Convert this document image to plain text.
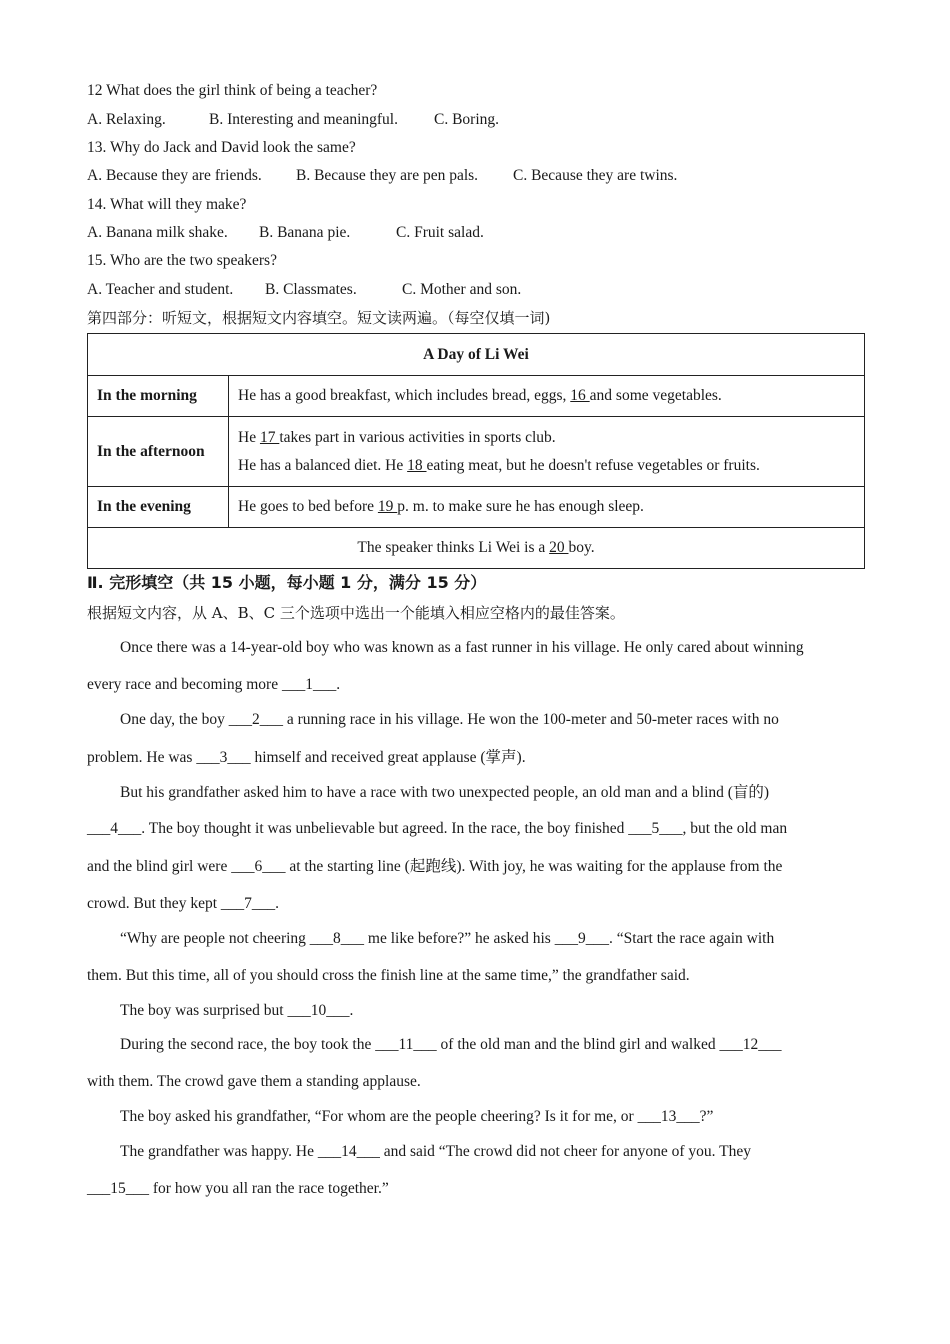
12 What does the girl think of being a teacher?
A. Relaxing.	B. Interesting and meaningful. C. Boring.
13. Why do Jack and David look the same?
A. Because they are friends. B. Because they are pen pals. C. Because they are twins.
14. What will they make?
A. Banana milk shake. B. Banana pie.	C. Fruit salad.
15. Who are the two speakers?
A. Teacher and student. B. Classmates.	C. Mother and son.
第四部分：听短文，根据短文内容填空。短文读两遍。（每空仅填一词)
A Day of Li Wei	
In the morning	He has a good breakfast, which includes bread, eggs, 16 and some vegetables.
In the afternoon	He 17 takes part in various activities in sports club.
He has a balanced diet. He 18 eating meat, but he doesn't refuse vegetables or fruits.

In the evening	He goes to bed before 19 p. m. to make sure he has enough sleep.
The speaker thinks Li Wei is a 20 boy.	
Ⅱ. 完形填空（共 15 小题，每小题 1 分，满分 15 分）
根据短文内容，从 A、B、C 三个选项中选出一个能填入相应空格内的最佳答案。
Once there was a 14-year-old boy who was known as a fast runner in his village. He only cared about winning
every race and becoming more ___1___.
One day, the boy ___2___ a running race in his village. He won the 100-meter and 50-meter races with no
problem. He was ___3___ himself and received great applause (掌声).
But his grandfather asked him to have a race with two unexpected people, an old man and a blind (盲的)
___4___. The boy thought it was unbelievable but agreed. In the race, the boy finished ___5___, but the old man
and the blind girl were ___6___ at the starting line (起跑线). With joy, he was waiting for the applause from the
crowd. But they kept ___7___.
“Why are people not cheering ___8___ me like before?” he asked his ___9___. “Start the race again with
them. But this time, all of you should cross the finish line at the same time,” the grandfather said.
The boy was surprised but ___10___.
During the second race, the boy took the ___11___ of the old man and the blind girl and walked ___12___
with them. The crowd gave them a standing applause.
The boy asked his grandfather, “For whom are the people cheering? Is it for me, or ___13___?”
The grandfather was happy. He ___14___ and said “The crowd did not cheer for anyone of you. They
___15___ for how you all ran the race together.”
